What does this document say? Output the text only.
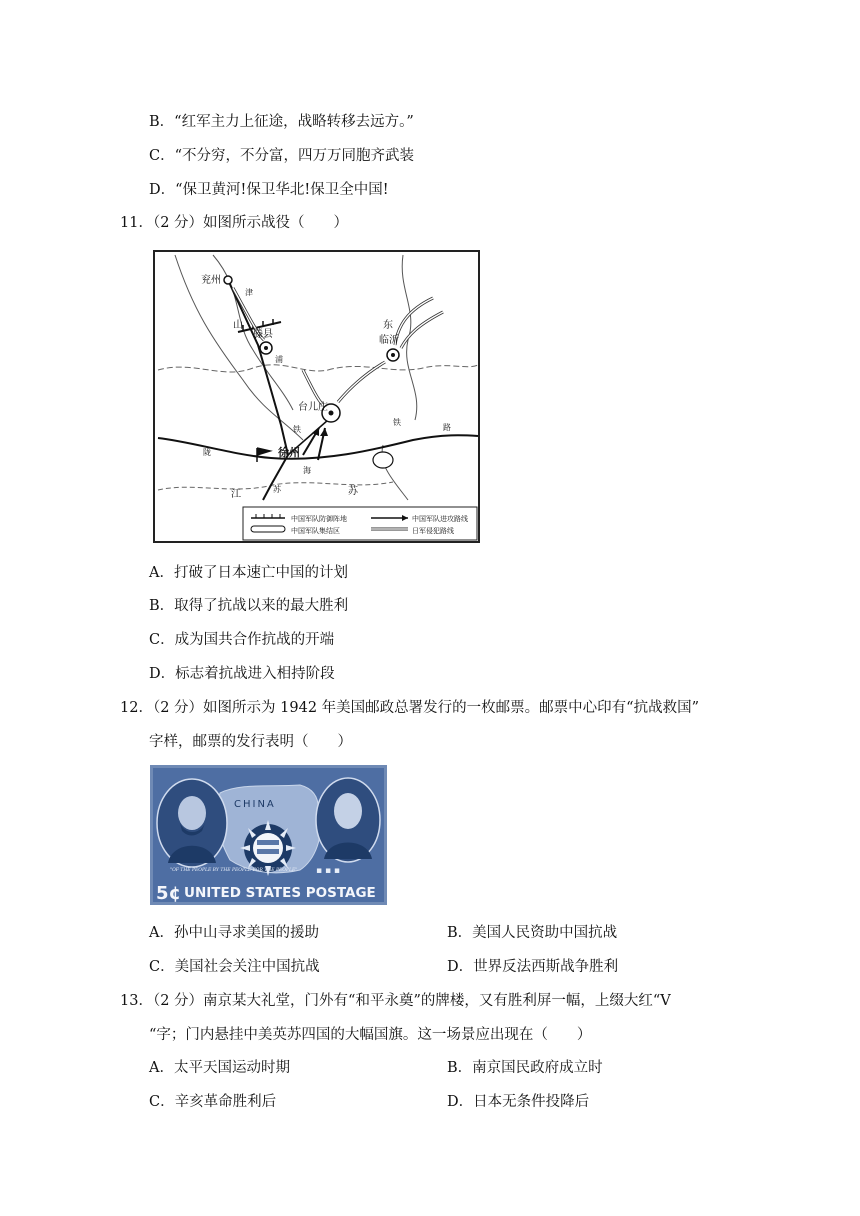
B．“红军主力上征途，战略转移去远方。”
C．“不分穷，不分富，四万万同胞齐武装
D．“保卫黄河!保卫华北!保卫全中国!
11．（2 分）如图所示战役（　　）
兖州
津
山
滕县
浦
东
临沂
台儿庄
铁
徐州
陇
海
铁
路
江	苏	苏
中国军队防御阵地
中国军队集结区
中国军队进攻路线
日军侵犯路线
A．打破了日本速亡中国的计划
B．取得了抗战以来的最大胜利
C．成为国共合作抗战的开端
D．标志着抗战进入相持阶段
12．（2 分）如图所示为 1942 年美国邮政总署发行的一枚邮票。邮票中心印有“抗战救国”
字样，邮票的发行表明（　　）
CHINA
"OF THE PEOPLE BY THE PEOPLE FOR THE PEOPLE" ▪ ▪ ▪
5¢ UNITED STATES POSTAGE
A．孙中山寻求美国的援助	B．美国人民资助中国抗战
C．美国社会关注中国抗战	D．世界反法西斯战争胜利
13．（2 分）南京某大礼堂，门外有“和平永奠”的牌楼，又有胜利屏一幅，上缀大红“V
“字；门内悬挂中美英苏四国的大幅国旗。这一场景应出现在（　　）
A．太平天国运动时期	B．南京国民政府成立时
C．辛亥革命胜利后	D．日本无条件投降后
